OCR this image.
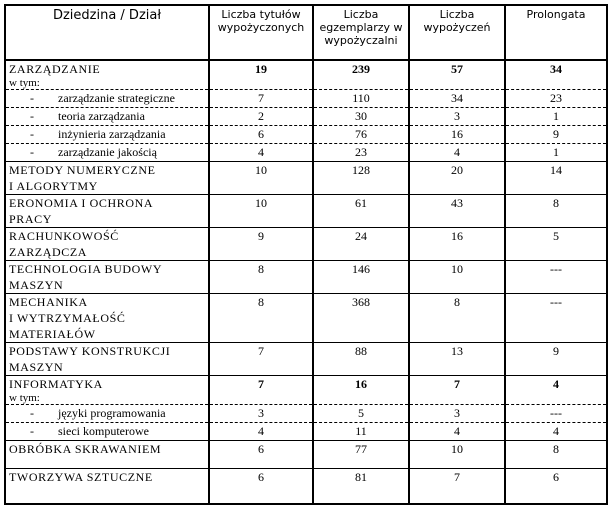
Dziedzina / Dział	Liczba tytułów wypożyczonych	Liczba egzemplarzy w wypożyczalni	Liczba wypożyczeń	Prolongata
ZARZĄDZANIE
w tym:	19	239	57	34
- zarządzanie strategiczne	7	110	34	23
- teoria zarządzania	2	30	3	1
- inżynieria zarządzania	6	76	16	9
- zarządzanie jakością	4	23	4	1

METODY NUMERYCZNE
I ALGORYTMY	10	128	20	14

ERONOMIA I OCHRONA
PRACY	10	61	43	8

RACHUNKOWOŚĆ
ZARZĄDCZA	9	24	16	5

TECHNOLOGIA BUDOWY
MASZYN	8	146	10	---

MECHANIKA
I WYTRZYMAŁOŚĆ
MATERIAŁÓW	8	368	8	---

PODSTAWY KONSTRUKCJI
MASZYN	7	88	13	9
INFORMATYKA
w tym:	7	16	7	4
- języki programowania	3	5	3	---
- sieci komputerowe	4	11	4	4
OBRÓBKA SKRAWANIEM	6	77	10	8
TWORZYWA SZTUCZNE	6	81	7	6
